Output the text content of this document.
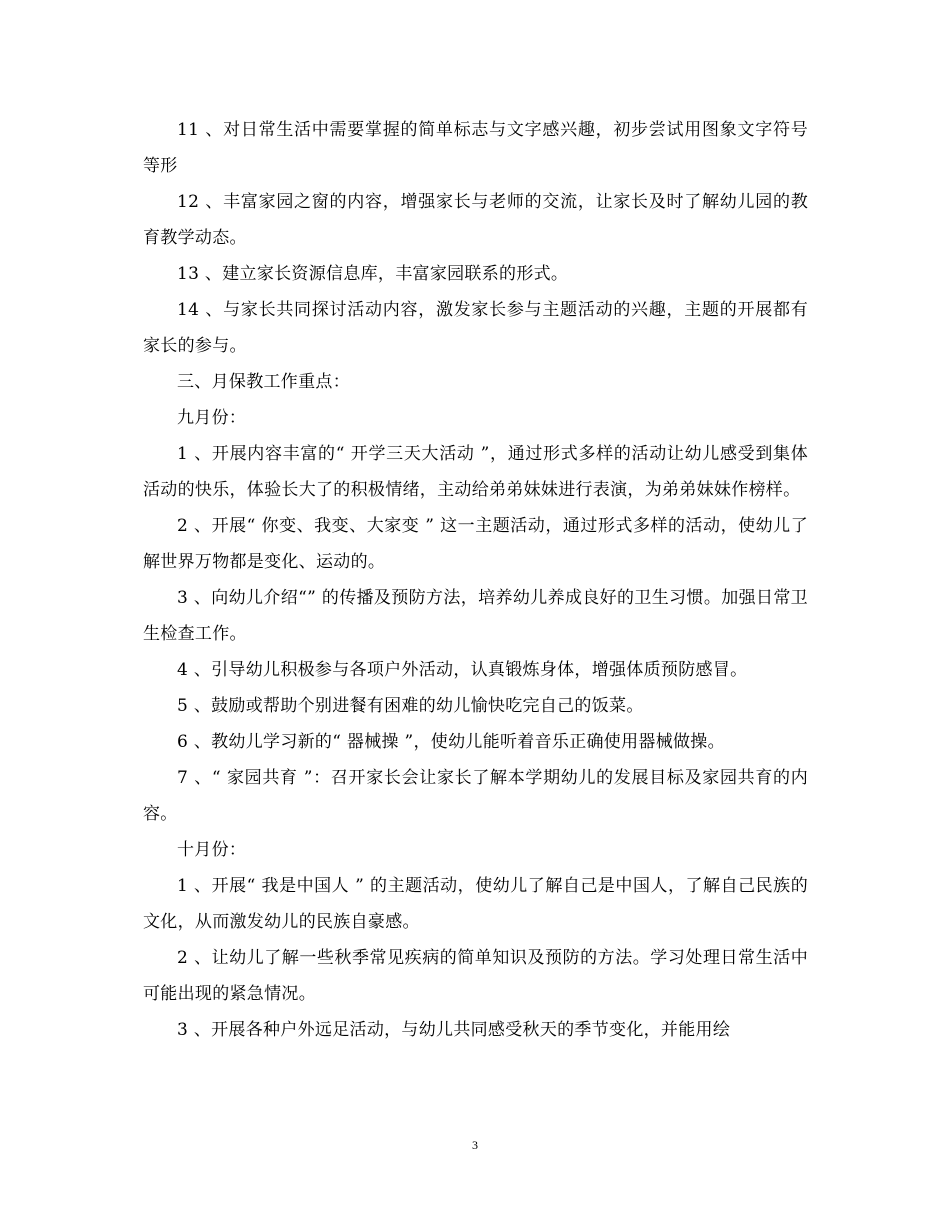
11 、对日常生活中需要掌握的简单标志与文字感兴趣，初步尝试用图象文字符号等形

12 、丰富家园之窗的内容，增强家长与老师的交流，让家长及时了解幼儿园的教育教学动态。

13 、建立家长资源信息库，丰富家园联系的形式。

14 、与家长共同探讨活动内容，激发家长参与主题活动的兴趣，主题的开展都有家长的参与。

三、月保教工作重点：

九月份：

1 、开展内容丰富的“ 开学三天大活动 ”，通过形式多样的活动让幼儿感受到集体活动的快乐，体验长大了的积极情绪，主动给弟弟妹妹进行表演，为弟弟妹妹作榜样。

2 、开展“ 你变、我变、大家变 ” 这一主题活动，通过形式多样的活动，使幼儿了解世界万物都是变化、运动的。

3 、向幼儿介绍“” 的传播及预防方法，培养幼儿养成良好的卫生习惯。加强日常卫生检查工作。

4 、引导幼儿积极参与各项户外活动，认真锻炼身体，增强体质预防感冒。

5 、鼓励或帮助个别进餐有困难的幼儿愉快吃完自己的饭菜。

6 、教幼儿学习新的“ 器械操 ”，使幼儿能听着音乐正确使用器械做操。

7 、“ 家园共育 ”：召开家长会让家长了解本学期幼儿的发展目标及家园共育的内容。

十月份：

1 、开展“ 我是中国人 ” 的主题活动，使幼儿了解自己是中国人，了解自己民族的文化，从而激发幼儿的民族自豪感。

2 、让幼儿了解一些秋季常见疾病的简单知识及预防的方法。学习处理日常生活中可能出现的紧急情况。

3 、开展各种户外远足活动，与幼儿共同感受秋天的季节变化，并能用绘

3
